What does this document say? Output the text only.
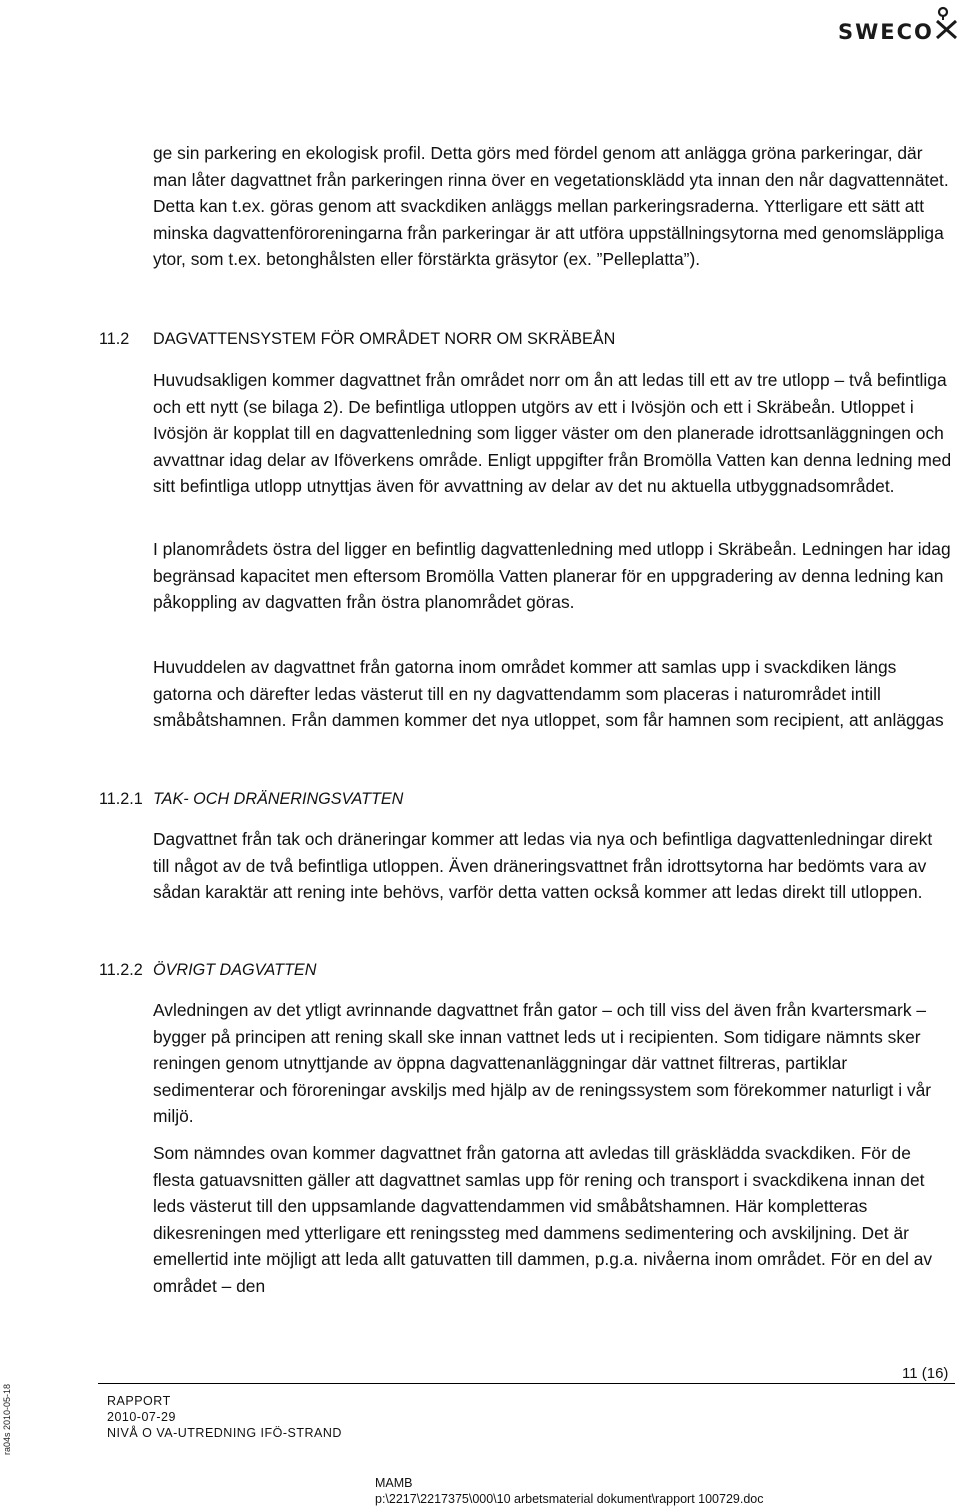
SWECO

ge sin parkering en ekologisk profil. Detta görs med fördel genom att anlägga gröna parkeringar, där man låter dagvattnet från parkeringen rinna över en vegetationsklädd yta innan den når dagvattennätet. Detta kan t.ex. göras genom att svackdiken anläggs mellan parkeringsraderna. Ytterligare ett sätt att minska dagvattenföroreningarna från parkeringar är att utföra uppställningsytorna med genomsläppliga ytor, som t.ex. betonghålsten eller förstärkta gräsytor (ex. ”Pelleplatta”).

11.2 DAGVATTENSYSTEM FÖR OMRÅDET NORR OM SKRÄBEÅN

Huvudsakligen kommer dagvattnet från området norr om ån att ledas till ett av tre utlopp – två befintliga och ett nytt (se bilaga 2). De befintliga utloppen utgörs av ett i Ivösjön och ett i Skräbeån. Utloppet i Ivösjön är kopplat till en dagvattenledning som ligger väster om den planerade idrottsanläggningen och avvattnar idag delar av Iföverkens område. Enligt uppgifter från Bromölla Vatten kan denna ledning med sitt befintliga utlopp utnyttjas även för avvattning av delar av det nu aktuella utbyggnadsområdet.

I planområdets östra del ligger en befintlig dagvattenledning med utlopp i Skräbeån. Ledningen har idag begränsad kapacitet men eftersom Bromölla Vatten planerar för en uppgradering av denna ledning kan påkoppling av dagvatten från östra planområdet göras.

Huvuddelen av dagvattnet från gatorna inom området kommer att samlas upp i svackdiken längs gatorna och därefter ledas västerut till en ny dagvattendamm som placeras i naturområdet intill småbåtshamnen. Från dammen kommer det nya utloppet, som får hamnen som recipient, att anläggas

11.2.1 TAK- OCH DRÄNERINGSVATTEN

Dagvattnet från tak och dräneringar kommer att ledas via nya och befintliga dagvattenledningar direkt till något av de två befintliga utloppen. Även dräneringsvattnet från idrottsytorna har bedömts vara av sådan karaktär att rening inte behövs, varför detta vatten också kommer att ledas direkt till utloppen.

11.2.2 ÖVRIGT DAGVATTEN

Avledningen av det ytligt avrinnande dagvattnet från gator – och till viss del även från kvartersmark – bygger på principen att rening skall ske innan vattnet leds ut i recipienten. Som tidigare nämnts sker reningen genom utnyttjande av öppna dagvattenanläggningar där vattnet filtreras, partiklar sedimenterar och föroreningar avskiljs med hjälp av de reningssystem som förekommer naturligt i vår miljö.

Som nämndes ovan kommer dagvattnet från gatorna att avledas till gräsklädda svackdiken. För de flesta gatuavsnitten gäller att dagvattnet samlas upp för rening och transport i svackdikena innan det leds västerut till den uppsamlande dagvattendammen vid småbåtshamnen. Här kompletteras dikesreningen med ytterligare ett reningssteg med dammens sedimentering och avskiljning. Det är emellertid inte möjligt att leda allt gatuvatten till dammen, p.g.a. nivåerna inom området. För en del av området – den

ra04s 2010-05-18
11 (16)
RAPPORT
2010-07-29
NIVÅ O VA-UTREDNING IFÖ-STRAND
MAMB
p:\2217\2217375\000\10 arbetsmaterial dokument\rapport 100729.doc
